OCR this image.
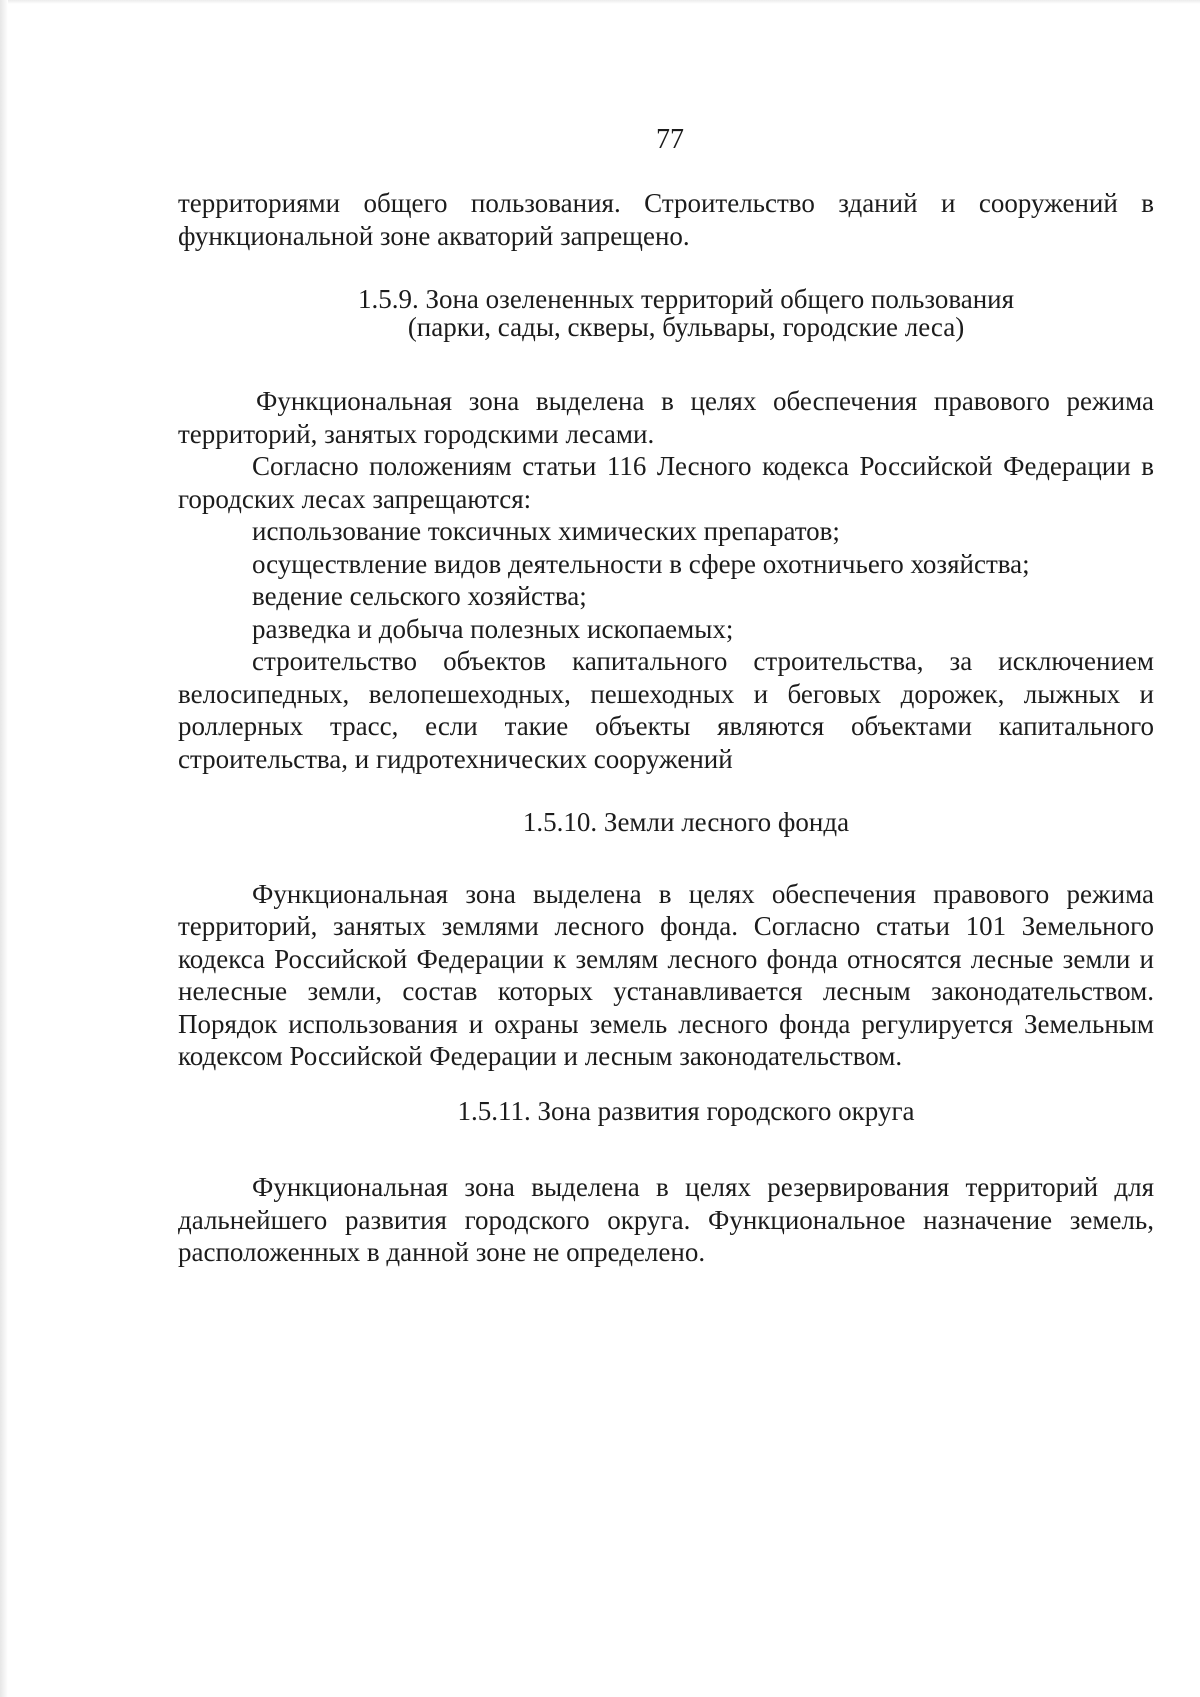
77

территориями общего пользования. Строительство зданий и сооружений в функциональной зоне акваторий запрещено.

1.5.9. Зона озелененных территорий общего пользования
(парки, сады, скверы, бульвары, городские леса)

Функциональная зона выделена в целях обеспечения правового режима территорий, занятых городскими лесами.

Согласно положениям статьи 116 Лесного кодекса Российской Федерации в городских лесах запрещаются:

использование токсичных химических препаратов;

осуществление видов деятельности в сфере охотничьего хозяйства;

ведение сельского хозяйства;

разведка и добыча полезных ископаемых;

строительство объектов капитального строительства, за исключением велосипедных, велопешеходных, пешеходных и беговых дорожек, лыжных и роллерных трасс, если такие объекты являются объектами капитального строительства, и гидротехнических сооружений

1.5.10. Земли лесного фонда

Функциональная зона выделена в целях обеспечения правового режима территорий, занятых землями лесного фонда. Согласно статьи 101 Земельного кодекса Российской Федерации к землям лесного фонда относятся лесные земли и нелесные земли, состав которых устанавливается лесным законодательством. Порядок использования и охраны земель лесного фонда регулируется Земельным кодексом Российской Федерации и лесным законодательством.

1.5.11. Зона развития городского округа

Функциональная зона выделена в целях резервирования территорий для дальнейшего развития городского округа. Функциональное назначение земель, расположенных в данной зоне не определено.
